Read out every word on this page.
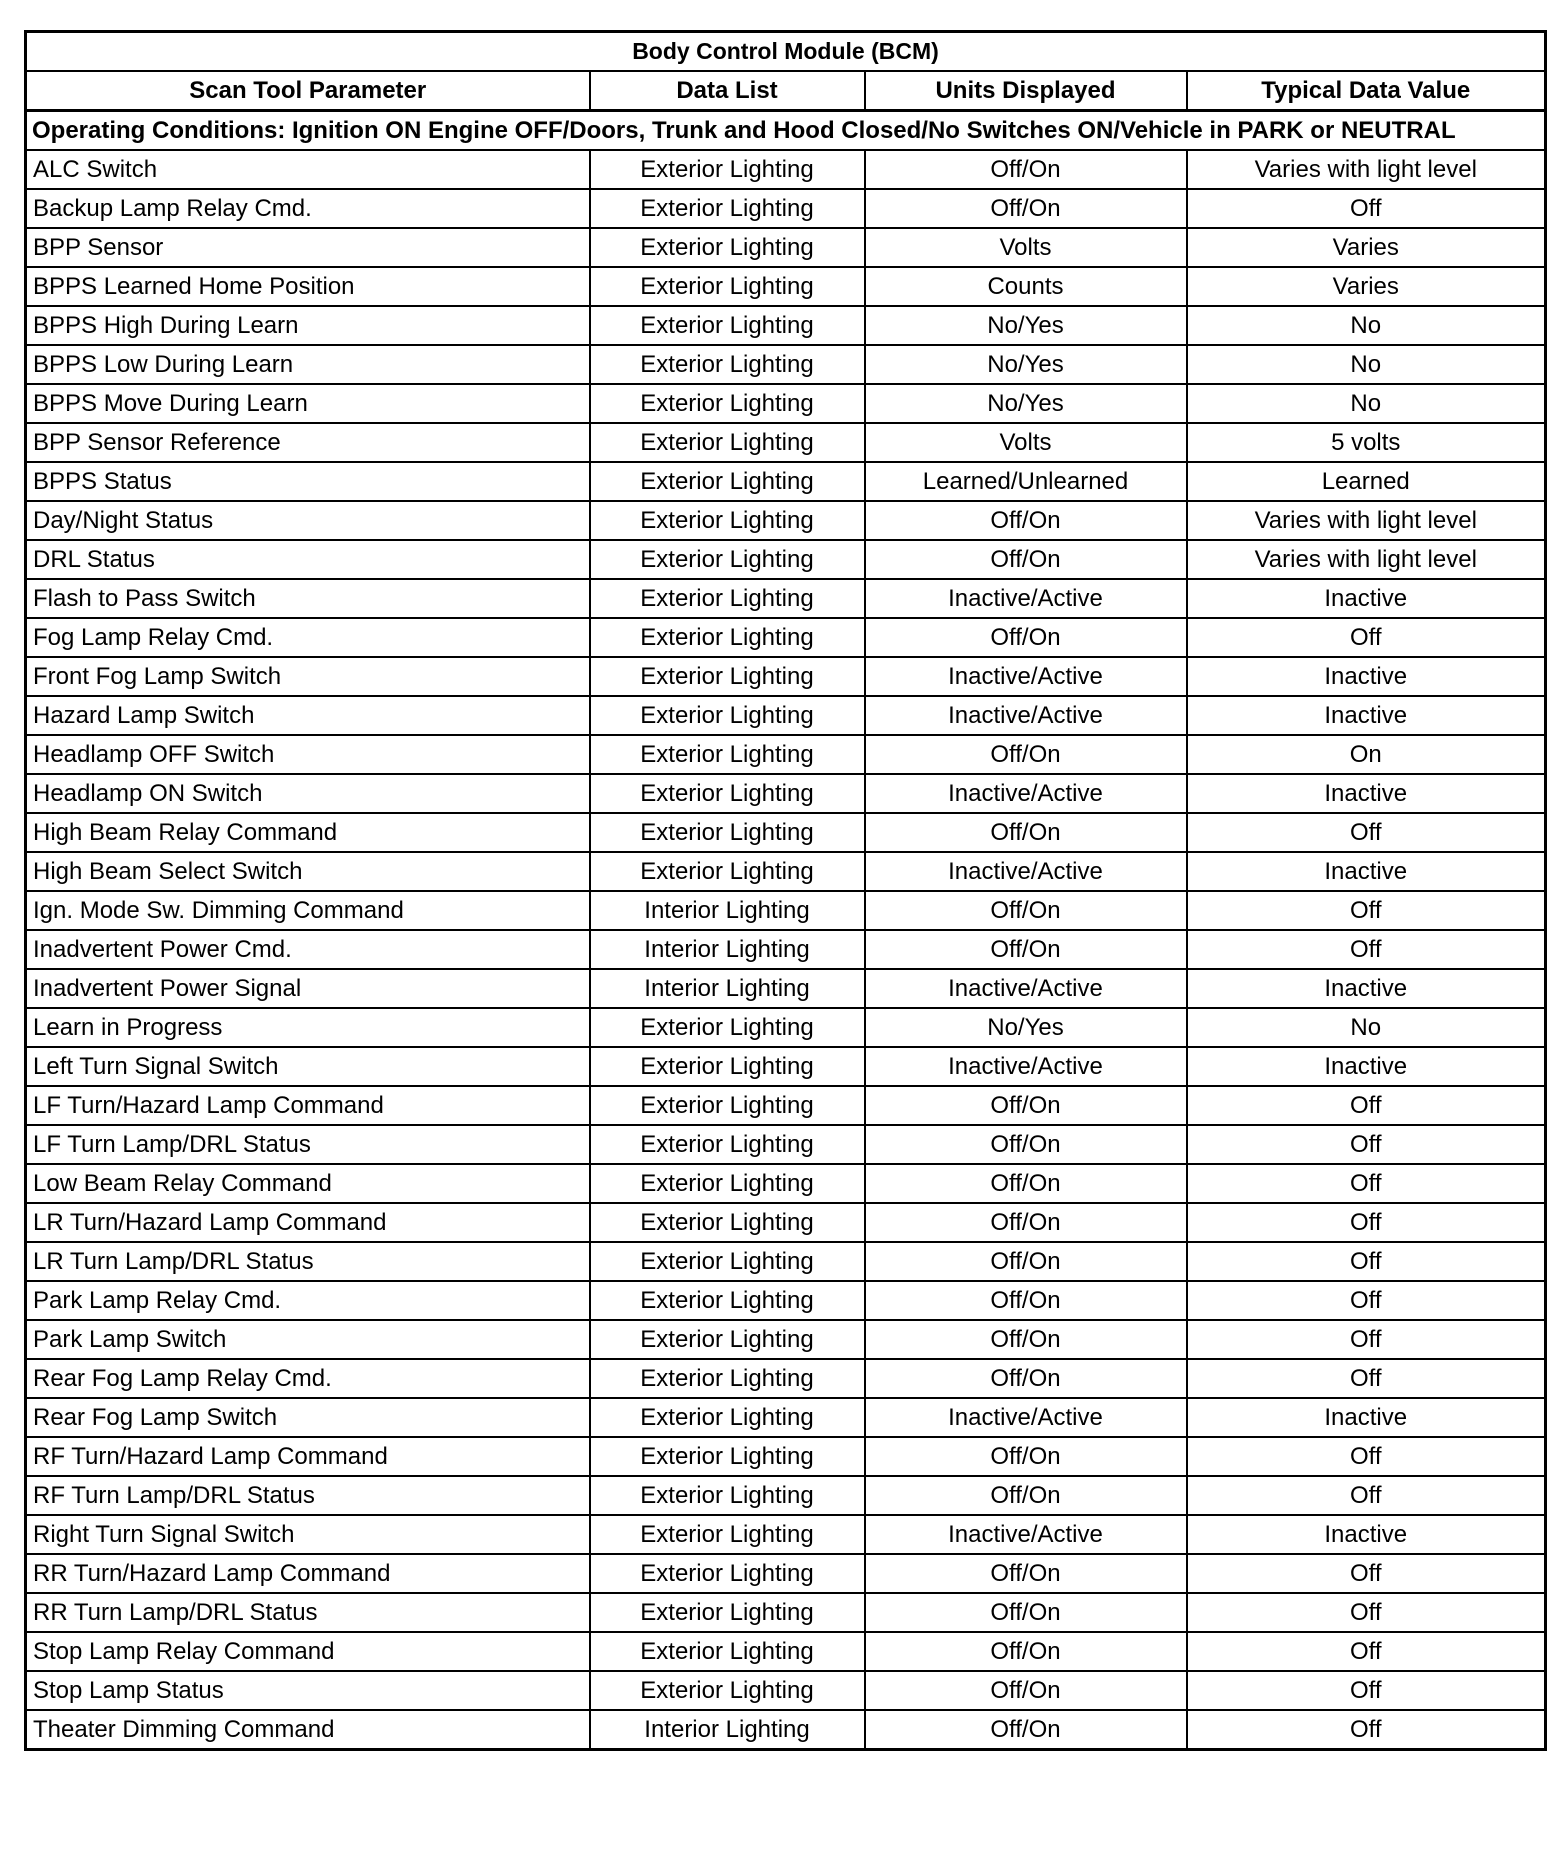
Body Control Module (BCM)			
Scan Tool Parameter	Data List	Units Displayed	Typical Data Value
Operating Conditions: Ignition ON Engine OFF/Doors, Trunk and Hood Closed/No Switches ON/Vehicle in PARK or NEUTRAL			
ALC Switch	Exterior Lighting	Off/On	Varies with light level
Backup Lamp Relay Cmd.	Exterior Lighting	Off/On	Off
BPP Sensor	Exterior Lighting	Volts	Varies
BPPS Learned Home Position	Exterior Lighting	Counts	Varies
BPPS High During Learn	Exterior Lighting	No/Yes	No
BPPS Low During Learn	Exterior Lighting	No/Yes	No
BPPS Move During Learn	Exterior Lighting	No/Yes	No
BPP Sensor Reference	Exterior Lighting	Volts	5 volts
BPPS Status	Exterior Lighting	Learned/Unlearned	Learned
Day/Night Status	Exterior Lighting	Off/On	Varies with light level
DRL Status	Exterior Lighting	Off/On	Varies with light level
Flash to Pass Switch	Exterior Lighting	Inactive/Active	Inactive
Fog Lamp Relay Cmd.	Exterior Lighting	Off/On	Off
Front Fog Lamp Switch	Exterior Lighting	Inactive/Active	Inactive
Hazard Lamp Switch	Exterior Lighting	Inactive/Active	Inactive
Headlamp OFF Switch	Exterior Lighting	Off/On	On
Headlamp ON Switch	Exterior Lighting	Inactive/Active	Inactive
High Beam Relay Command	Exterior Lighting	Off/On	Off
High Beam Select Switch	Exterior Lighting	Inactive/Active	Inactive
Ign. Mode Sw. Dimming Command	Interior Lighting	Off/On	Off
Inadvertent Power Cmd.	Interior Lighting	Off/On	Off
Inadvertent Power Signal	Interior Lighting	Inactive/Active	Inactive
Learn in Progress	Exterior Lighting	No/Yes	No
Left Turn Signal Switch	Exterior Lighting	Inactive/Active	Inactive
LF Turn/Hazard Lamp Command	Exterior Lighting	Off/On	Off
LF Turn Lamp/DRL Status	Exterior Lighting	Off/On	Off
Low Beam Relay Command	Exterior Lighting	Off/On	Off
LR Turn/Hazard Lamp Command	Exterior Lighting	Off/On	Off
LR Turn Lamp/DRL Status	Exterior Lighting	Off/On	Off
Park Lamp Relay Cmd.	Exterior Lighting	Off/On	Off
Park Lamp Switch	Exterior Lighting	Off/On	Off
Rear Fog Lamp Relay Cmd.	Exterior Lighting	Off/On	Off
Rear Fog Lamp Switch	Exterior Lighting	Inactive/Active	Inactive
RF Turn/Hazard Lamp Command	Exterior Lighting	Off/On	Off
RF Turn Lamp/DRL Status	Exterior Lighting	Off/On	Off
Right Turn Signal Switch	Exterior Lighting	Inactive/Active	Inactive
RR Turn/Hazard Lamp Command	Exterior Lighting	Off/On	Off
RR Turn Lamp/DRL Status	Exterior Lighting	Off/On	Off
Stop Lamp Relay Command	Exterior Lighting	Off/On	Off
Stop Lamp Status	Exterior Lighting	Off/On	Off
Theater Dimming Command	Interior Lighting	Off/On	Off
